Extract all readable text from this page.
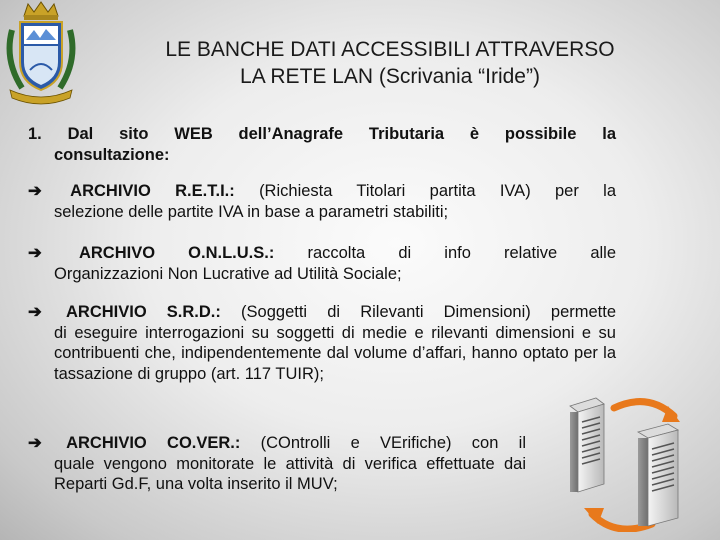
LE BANCHE DATI ACCESSIBILI ATTRAVERSO
LA RETE LAN (Scrivania “Iride”)
1. Dal sito WEB dell’Anagrafe Tributaria è possibile la
consultazione:
➔ ARCHIVIO R.E.T.I.: (Richiesta Titolari partita IVA) per la
selezione delle partite IVA in base a parametri stabiliti;
➔ ARCHIVO O.N.L.U.S.: raccolta di info relative alle
Organizzazioni Non Lucrative ad Utilità Sociale;
➔ ARCHIVIO S.R.D.: (Soggetti di Rilevanti Dimensioni) permette
di eseguire interrogazioni su soggetti di medie e rilevanti dimensioni e su contribuenti che, indipendentemente dal volume d’affari, hanno optato per la tassazione di gruppo (art. 117 TUIR);
➔ ARCHIVIO CO.VER.: (COntrolli e VErifiche) con il
quale vengono monitorate le attività di verifica effettuate dai Reparti Gd.F, una volta inserito il MUV;
